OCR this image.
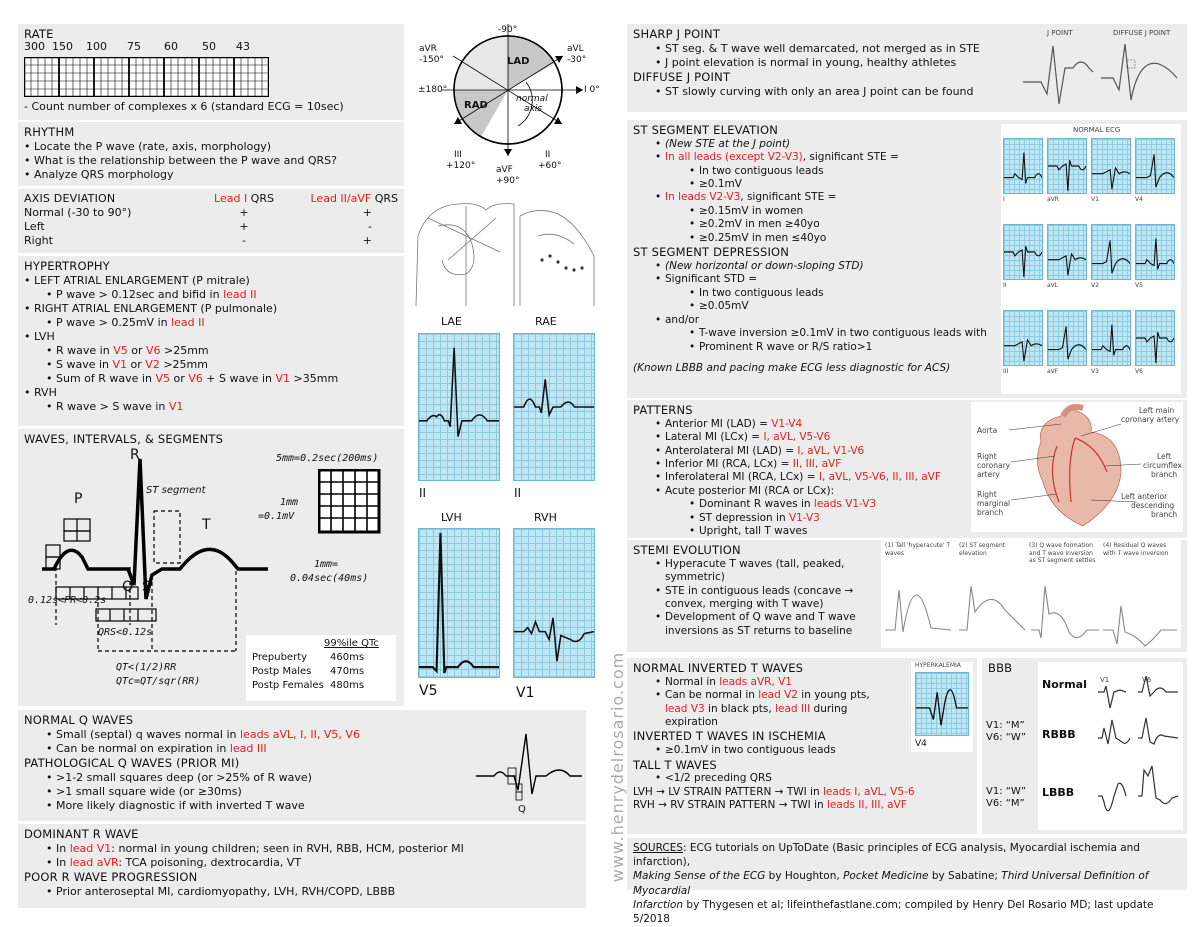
RATE
300 150 100 75 60 50 43
- Count number of complexes x 6 (standard ECG = 10sec)
RHYTHM
• Locate the P wave (rate, axis, morphology)
• What is the relationship between the P wave and QRS?
• Analyze QRS morphology
AXIS DEVIATION	Lead I QRS	Lead II/aVF QRS
Normal (-30 to 90°)	+	+
Left	+	-
Right	-	+
HYPERTROPHY
• LEFT ATRIAL ENLARGEMENT (P mitrale)
• P wave > 0.12sec and bifid in lead II
• RIGHT ATRIAL ENLARGEMENT (P pulmonale)
• P wave > 0.25mV in lead II
• LVH
• R wave in V5 or V6 >25mm
• S wave in V1 or V2 >25mm
• Sum of R wave in V5 or V6 + S wave in V1 >35mm
• RVH
• R wave > S wave in V1
WAVES, INTERVALS, & SEGMENTS
R
P
T
Q S
ST segment
0.12s<PR<0.2s
QRS<0.12s
QT<(1/2)RR
QTc=QT/sqr(RR)
5mm=0.2sec(200ms)
1mm
=0.1mV
1mm=
0.04sec(40ms)
99%ile QTc
Prepuberty 460ms
Postp Males 470ms
Postp Females 480ms
NORMAL Q WAVES
• Small (septal) q waves normal in leads aVL, I, II, V5, V6
• Can be normal on expiration in lead III
PATHOLOGICAL Q WAVES (PRIOR MI)
• >1-2 small squares deep (or >25% of R wave)
• >1 small square wide (or ≥30ms)
• More likely diagnostic if with inverted T wave	Q
DOMINANT R WAVE
• In lead V1: normal in young children; seen in RVH, RBB, HCM, posterior MI
• In lead aVR: TCA poisoning, dextrocardia, VT
POOR R WAVE PROGRESSION
• Prior anteroseptal MI, cardiomyopathy, LVH, RVH/COPD, LBBB
-90°
aVR
-150°
aVL
-30°
±180°	I 0°
LAD
RAD
normal
axis
III
+120° aVF
+90°
II
+60°
LAE	RAE
II	II
LVH	RVH
V5	V1	www.henrydelrosario.com
SHARP J POINT
• ST seg. & T wave well demarcated, not merged as in STE
• J point elevation is normal in young, healthy athletes
DIFFUSE J POINT
• ST slowly curving with only an area J point can be found
J POINT	DIFFUSE J POINT
ST SEGMENT ELEVATION
• (New STE at the J point)
• In all leads (except V2-V3), significant STE =
• In two contiguous leads
• ≥0.1mV
• In leads V2-V3, significant STE =
• ≥0.15mV in women
• ≥0.2mV in men ≥40yo
• ≥0.25mV in men ≤40yo
ST SEGMENT DEPRESSION
• (New horizontal or down-sloping STD)
• Significant STD =
• In two contiguous leads
• ≥0.05mV
• and/or
• T-wave inversion ≥0.1mV in two contiguous leads with
• Prominent R wave or R/S ratio>1
(Known LBBB and pacing make ECG less diagnostic for ACS)
NORMAL ECG
I	aVR	V1	V4
II	aVL	V2	V5
III	aVF	V3	V6
PATTERNS
• Anterior MI (LAD) = V1-V4
• Lateral MI (LCx) = I, aVL, V5-V6
• Anterolateral MI (LAD) = I, aVL, V1-V6
• Inferior MI (RCA, LCx) = II, III, aVF
• Inferolateral MI (RCA, LCx) = I, aVL, V5-V6, II, III, aVF
• Acute posterior MI (RCA or LCx):
• Dominant R waves in leads V1-V3
• ST depression in V1-V3
• Upright, tall T waves
Aorta
Left main
coronary artery
Right
coronary
artery
Left
circumflex
branch
Right
marginal
branch
Left anterior
descending
branch
STEMI EVOLUTION
• Hyperacute T waves (tall, peaked, symmetric)
• STE in contiguous leads (concave → convex, merging with T wave)
• Development of Q wave and T wave inversions as ST returns to baseline
(1) Tall 'hyperacute' T waves
(2) ST segment elevation
(3) Q wave formation and T wave inversion as ST segment settles
(4) Residual Q waves with T wave inversion
NORMAL INVERTED T WAVES
• Normal in leads aVR, V1
• Can be normal in lead V2 in young pts,
lead V3 in black pts, lead III during
expiration
INVERTED T WAVES IN ISCHEMIA
• ≥0.1mV in two contiguous leads
TALL T WAVES
• <1/2 preceding QRS
LVH → LV STRAIN PATTERN → TWI in leads I, aVL, V5-6
RVH → RV STRAIN PATTERN → TWI in leads II, III, aVF
HYPERKALEMIA
V4
BBB
Normal
RBBB
LBBB
V1	V6
V1: “M”
V6: “W”
V1: “W”
V6: “M”
SOURCES: ECG tutorials on UpToDate (Basic principles of ECG analysis, Myocardial ischemia and infarction),
Making Sense of the ECG by Houghton, Pocket Medicine by Sabatine; Third Universal Definition of Myocardial
Infarction by Thygesen et al; lifeinthefastlane.com; compiled by Henry Del Rosario MD; last update 5/2018
